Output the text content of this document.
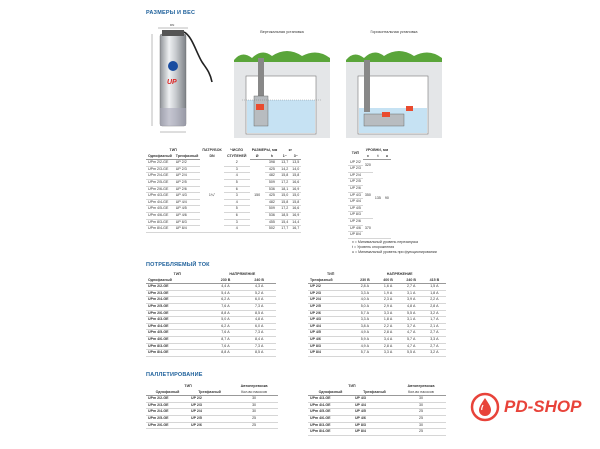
РАЗМЕРЫ И ВЕС
ПОТРЕБЛЯЕМЫЙ ТОК
ПАЛЛЕТИРОВАНИЕ
DN
UP
Вертикальная установка	Горизонтальная установка
ТИП		ПАТРУБОК DN	ЧИСЛО СТУПЕНЕЙ	РАЗМЕРЫ, мм		кг	
Однофазный	Трехфазный			Ø	h	1~	3~
UPm 2/2-GE	UP 2/2	1¼"	2	150	398	13,7	13,5
UPm 2/3-GE	UP 2/3		3		425	14,2	14,0
UPm 2/4-GE	UP 2/4		4		482	15,8	15,8
UPm 2/5-GE	UP 2/5		5		509	17,2	16,6
UPm 2/6-GE	UP 2/6		6		536	18,1	16,9
UPm 4/3-GE	UP 4/3		3		425	15,0	15,0
UPm 4/4-GE	UP 4/4		4		482	15,8	15,8
UPm 4/5-GE	UP 4/5		5		509	17,2	16,6
UPm 4/6-GE	UP 4/6		6		536	18,5	16,9
UPm 8/3-GE	UP 8/3		3		455	15,4	14,4
UPm 8/4-GE	UP 8/4		4		502	17,7	16,7
ТИП	УРОВНИ, мм		
	x	t	u
UP 2/2	320	135	90
UP 2/3			
UP 2/4	350		
UP 2/5			
UP 2/6			
UP 4/3			
UP 4/4			
UP 4/5			
UP 8/3			
UP 2/6	370		
UP 4/6			
UP 8/4			
x = Минимальный уровень перезапуска
t = Уровень опорожнения
u = Минимальный уровень при функционировании
ТИП	НАПРЯЖЕНИЕ	
Однофазный	230 В	240 В
UPm 2/2-GE	4,4 А	4,3 А
UPm 2/3-GE	5,4 А	5,2 А
UPm 2/4-GE	6,2 А	6,0 А
UPm 2/5-GE	7,6 А	7,3 А
UPm 2/6-GE	8,8 А	8,5 А
UPm 4/3-GE	5,0 А	4,8 А
UPm 4/4-GE	6,2 А	6,0 А
UPm 4/5-GE	7,6 А	7,3 А
UPm 4/6-GE	8,7 А	8,4 А
UPm 8/3-GE	7,6 А	7,3 А
UPm 8/4-GE	8,8 А	8,5 А
ТИП	НАПРЯЖЕНИЕ			
Трехфазный	230 В	400 В	240 В	415 В
UP 2/2	2,8 А	1,6 А	2,7 А	1,5 А
UP 2/3	3,3 А	1,9 А	3,1 А	1,8 А
UP 2/4	4,0 А	2,3 А	3,9 А	2,2 А
UP 2/5	5,0 А	2,9 А	4,8 А	2,8 А
UP 2/6	5,7 А	3,3 А	5,5 А	3,2 А
UP 4/3	3,3 А	1,8 А	3,1 А	1,7 А
UP 4/4	3,8 А	2,2 А	3,7 А	2,1 А
UP 4/5	4,9 А	2,8 А	4,7 А	2,7 А
UP 4/6	5,9 А	3,4 А	5,7 А	3,3 А
UP 8/3	4,9 А	2,8 А	4,7 А	2,7 А
UP 8/4	5,7 А	3,3 А	5,5 А	3,2 А
ТИП		Автоперевозка
Однофазный	Трехфазный	Кол-во насосов
UPm 2/2-GE	UP 2/2	30
UPm 2/3-GE	UP 2/3	30
UPm 2/4-GE	UP 2/4	30
UPm 2/5-GE	UP 2/5	25
UPm 2/6-GE	UP 2/6	25
ТИП		Автоперевозка
Однофазный	Трехфазный	Кол-во насосов
UPm 4/3-GE	UP 4/3	30
UPm 4/4-GE	UP 4/4	30
UPm 4/5-GE	UP 4/5	25
UPm 4/6-GE	UP 4/6	25
UPm 8/3-GE	UP 8/3	30
UPm 8/4-GE	UP 8/4	25
PD-SHOP
